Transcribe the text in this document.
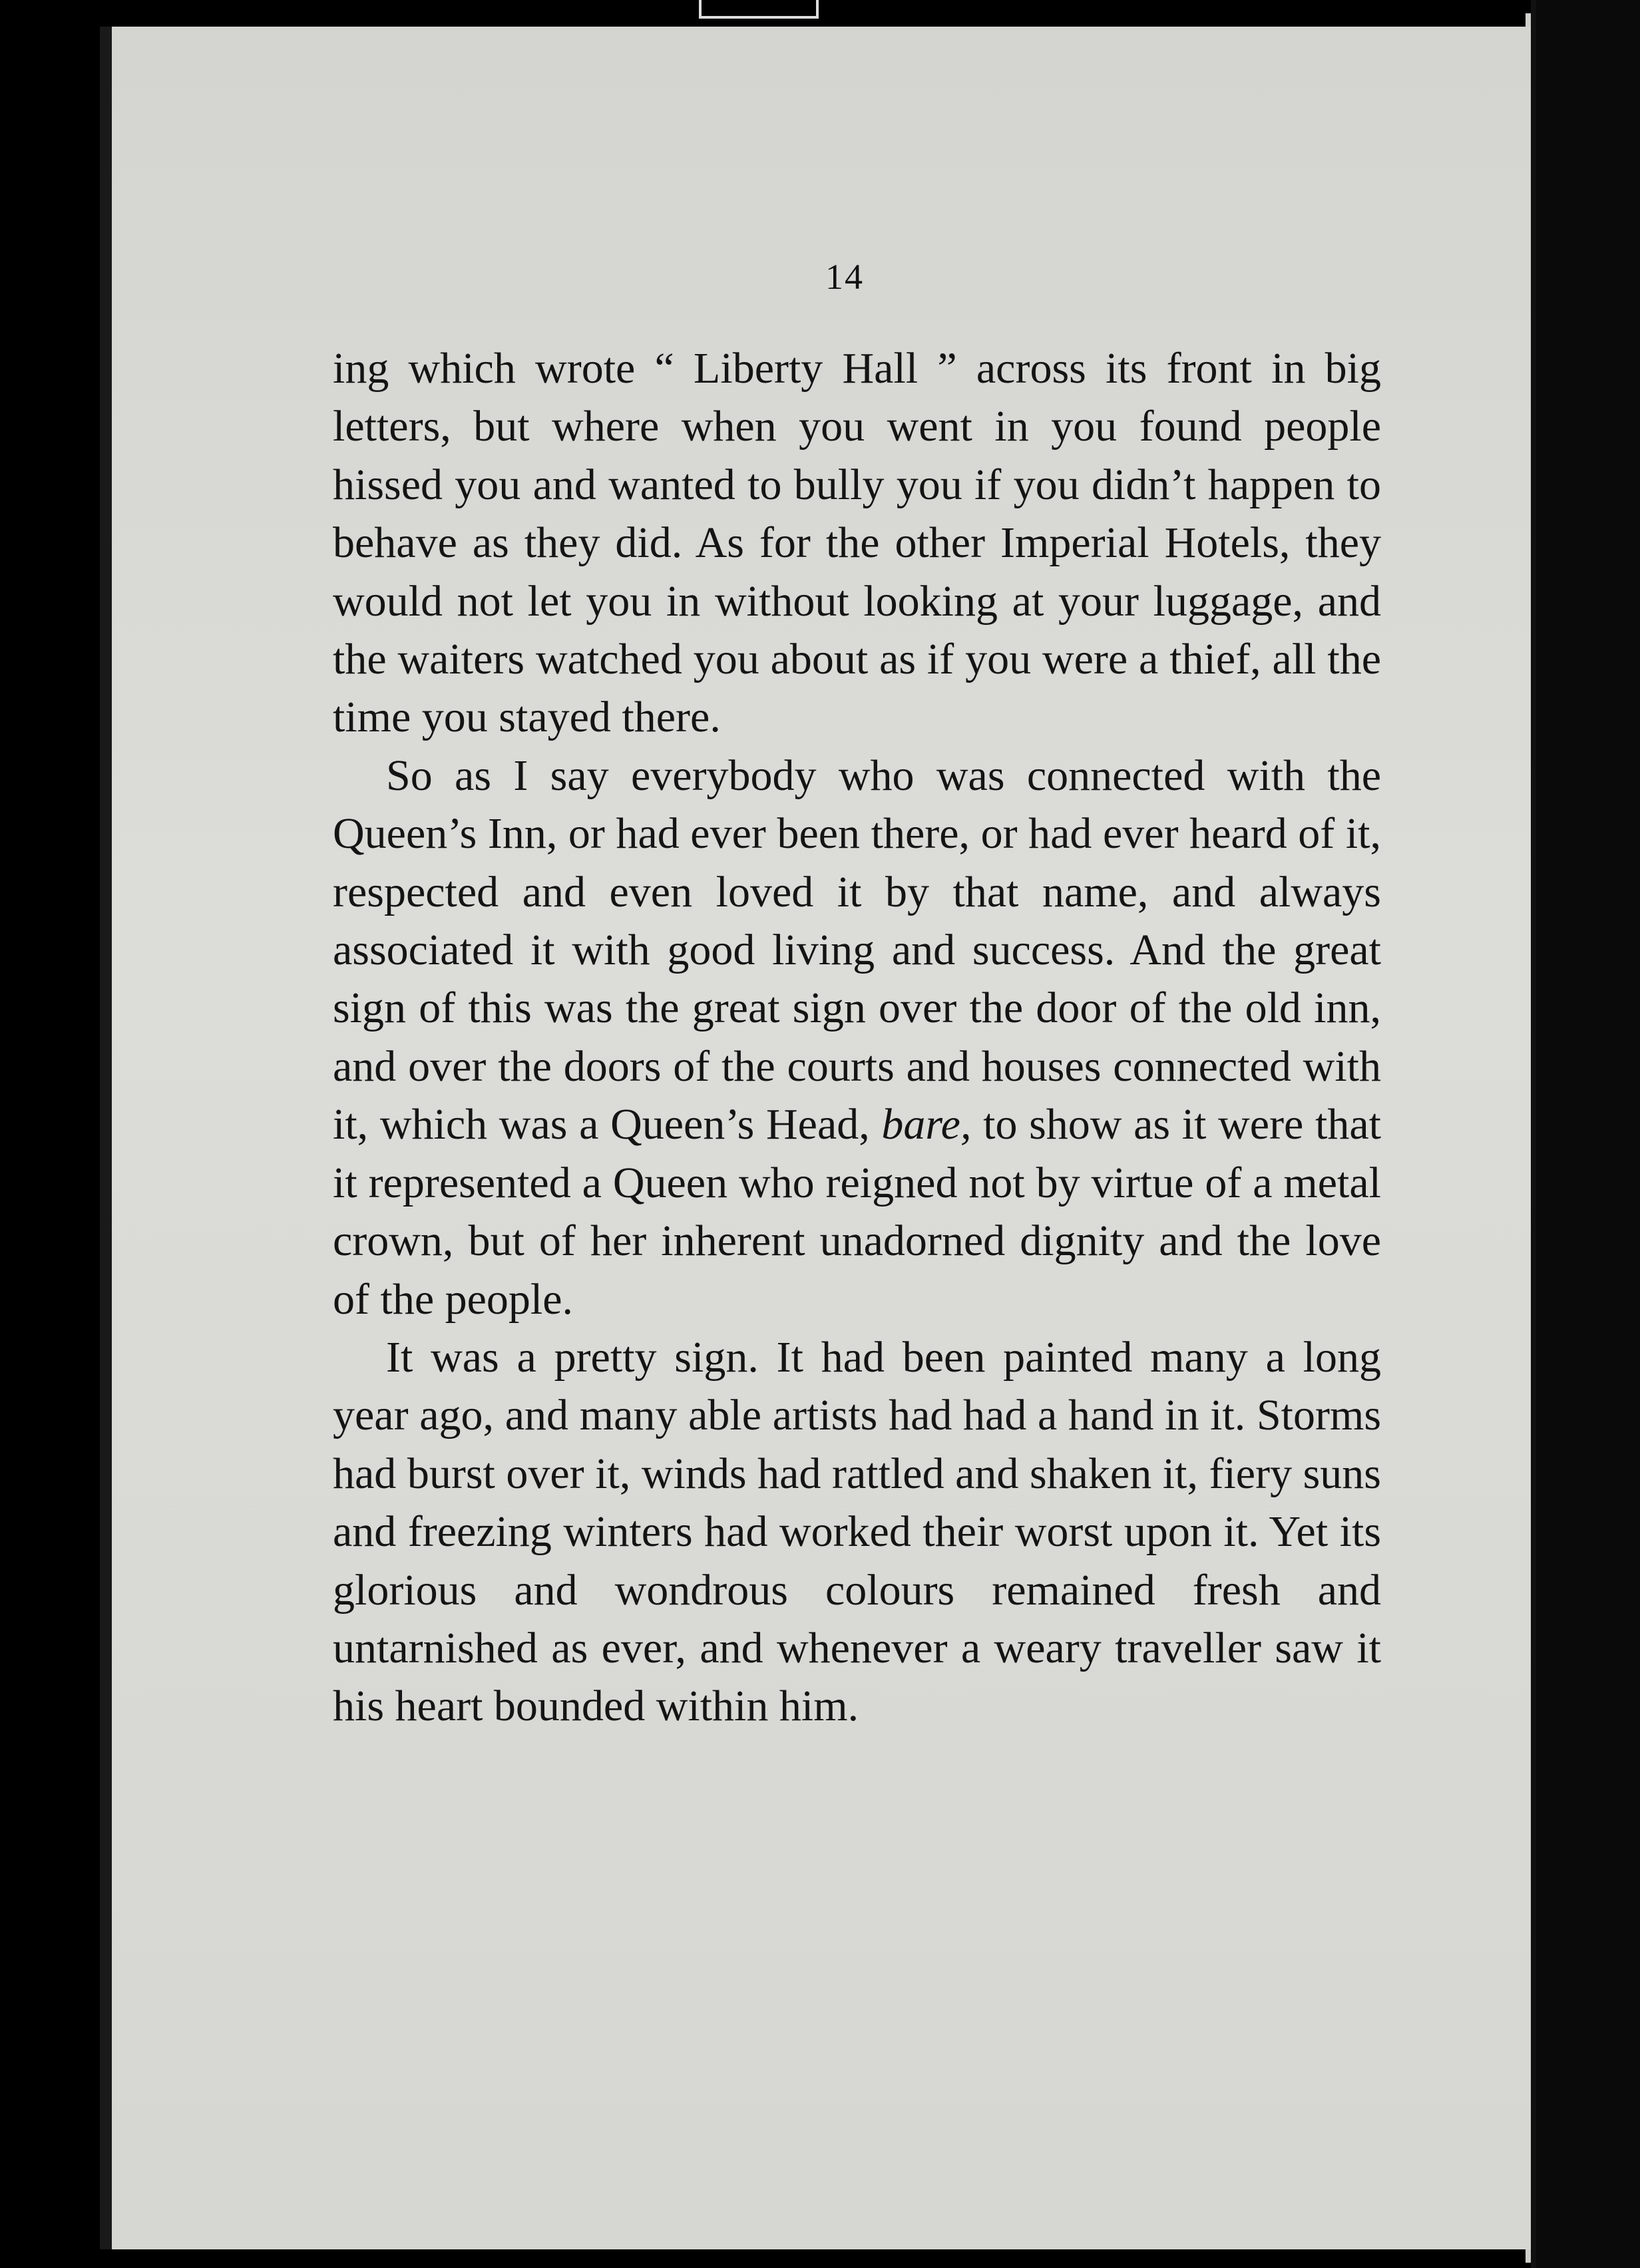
14

ing which wrote “ Liberty Hall ” across its front in big letters, but where when you went in you found people hissed you and wanted to bully you if you didn’t happen to behave as they did. As for the other Imperial Hotels, they would not let you in without looking at your luggage, and the waiters watched you about as if you were a thief, all the time you stayed there.

So as I say everybody who was connected with the Queen’s Inn, or had ever been there, or had ever heard of it, respected and even loved it by that name, and always associated it with good living and success. And the great sign of this was the great sign over the door of the old inn, and over the doors of the courts and houses connected with it, which was a Queen’s Head, bare, to show as it were that it represented a Queen who reigned not by virtue of a metal crown, but of her inherent unadorned dignity and the love of the people.

It was a pretty sign. It had been painted many a long year ago, and many able artists had had a hand in it. Storms had burst over it, winds had rattled and shaken it, fiery suns and freezing winters had worked their worst upon it. Yet its glorious and wondrous colours remained fresh and untarnished as ever, and whenever a weary traveller saw it his heart bounded within him.
